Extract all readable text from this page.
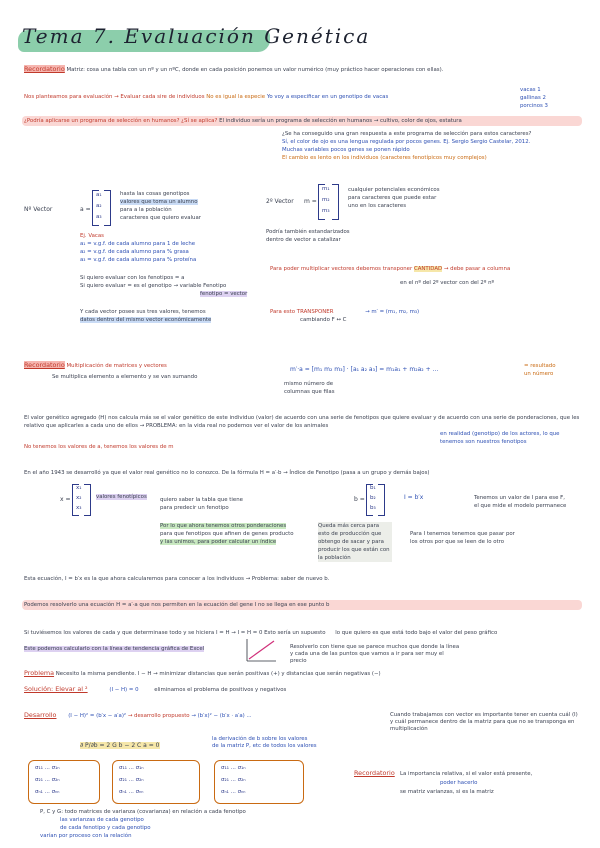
Tema 7. Evaluación Genética
Recordatorio Matriz: cosa una tabla con un nº y un nºC, donde en cada posición ponemos un valor numérico (muy práctico hacer operaciones con ellas).
Nos planteamos para evaluación → Evaluar cada sire de individuos No es igual la especie Yo voy a especificar en un genotipo de vacas
vacas 1
gallinas 2
porcinos 3
¿Podría aplicarse un programa de selección en humanos? ¿Sí se aplica? El individuo sería un programa de selección en humanos → cultivo, color de ojos, estatura
¿Se ha conseguido una gran respuesta a este programa de selección para estos caracteres?
Sí, el color de ojo es una lengua regulada por pocos genes. Ej. Sergio Sergio Castelar, 2012.
Muchas variables pocos genes se ponen rápido
El cambio es lento en los individuos (caracteres fenotípicos muy complejos)
Nº Vector	a =
a₁
a₂
a₃
hasta las cosas genotipos
valores que toma un alumno
para a la población
caracteres que quiero evaluar
2º Vector m =
m₁
m₂
m₃
cualquier potenciales económicos
para caracteres que puede estar
uno en los caracteres
Podría también estandarizados
dentro de vector a catalizar
Ej. Vacas
a₁ = v.g.f. de cada alumno para 1 de leche
a₂ = v.g.f. de cada alumno para % grasa
a₃ = v.g.f. de cada alumno para % proteína
Si quiero evaluar con los fenotipos = a
Si quiero evaluar = es el genotipo → variable Fenotipo
fenotipo = vector
Y cada vector posee sus tres valores, tenemos
datos dentro del mismo vector económicamente
Para poder multiplicar vectores debemos transponer CANTIDAD → debe pasar a columna
en el nº del 2º vector con del 2º nº
Para esto TRANSPONER	→ m′ = (m₁, m₂, m₃)
cambiando F ↔ C
Recordatorio Multiplicación de matrices y vectores
Se multiplica elemento a elemento y se van sumando
m′·a = [m₁ m₂ m₃] · [a₁ a₂ a₃] = m₁a₁ + m₂a₂ + ...
mismo número de
columnas que filas
= resultado
un número
El valor genético agregado (H) nos calcula más se el valor genético de este individuo (valor) de acuerdo con una serie de fenotipos que quiere evaluar y de acuerdo con una serie de ponderaciones, que les relativo que aplicarles a cada uno de ellos → PROBLEMA: en la vida real no podemos ver el valor de los animales
en realidad (genotipo) de los actores, lo que tenemos son nuestros fenotipos
No tenemos los valores de a, tenemos los valores de m
En el año 1943 se desarrolló ya que el valor real genético no lo conozco. De la fórmula H = a′·b → Índice de Fenotipo (pasa a un grupo y demás bajos)
x =
x₁
x₂
x₃
valores fenotípicos quiero saber la tabla que tiene
para predecir un fenotipo
b =
b₁
b₂
b₃
I = b′x	Tenemos un valor de I para ese F,
el que mide el modelo permanece
Por lo que ahora tenemos otros ponderaciones
para que fenotipos que afinen de genes producto
y las unimos, para poder calcular un índice
Queda más cerca para esto de producción que obtengo de sacar y para producir los que están con la población
Para I tenemos tenemos que pasar por los otros por que se leen de lo otro
Esta ecuación, I = b′x es la que ahora calcularemos para conocer a los individuos → Problema: saber de nuevo b.
Podemos resolverlo una ecuación H = a′·a que nos permiten en la ecuación del gene I no se llega en ese punto b
Si tuviésemos los valores de cada y que determinase todo y se hiciera I = H → I = H = 0 Esto sería un supuesto lo que quiero es que está todo bajo el valor del peso gráfico
Este podemos calcularlo con la línea de tendencia gráfica de Excel	Resolverlo con tiene que se parece muchos que donde la línea y cada una de las puntos que vamos a ir para ser muy el precio
Problema Necesito la misma pendiente. I − H → minimizar distancias que serán positivas (+) y distancias que serán negativas (−)
Solución: Elevar al ²	(I − H) = 0	eliminamos el problema de positivos y negativos
Desarrollo (I − H)² = (b′x − a′a)² → desarrollo propuesto → (b′x)² − (b′x · a′a) ...	Cuando trabajamos con vector es importante tener en cuenta cuál (I) y cuál permanece dentro de la matriz para que no se transponga en multiplicación
∂ P/∂b = 2 G b − 2 C a = 0
la derivación de b sobre los valores
de la matriz P, etc de todos los valores
σ₁₁ ... σ₁ₙ
σ₂₁ ... σ₂ₙ
σₙ₁ ... σₙₙ
σ₁₁ ... σ₁ₙ
σ₂₁ ... σ₂ₙ
σₙ₁ ... σₙₙ
σ₁₁ ... σ₁ₙ
σ₂₁ ... σ₂ₙ
σₙ₁ ... σₙₙ
Recordatorio La importancia relativa, si el valor está presente,
poder hacerlo
se matriz varianzas, si es la matriz
P, C y G: todo matrices de varianza (covarianza) en relación a cada fenotipo
las varianzas de cada genotipo
de cada fenotipo y cada genotipo
varían por proceso con la relación
